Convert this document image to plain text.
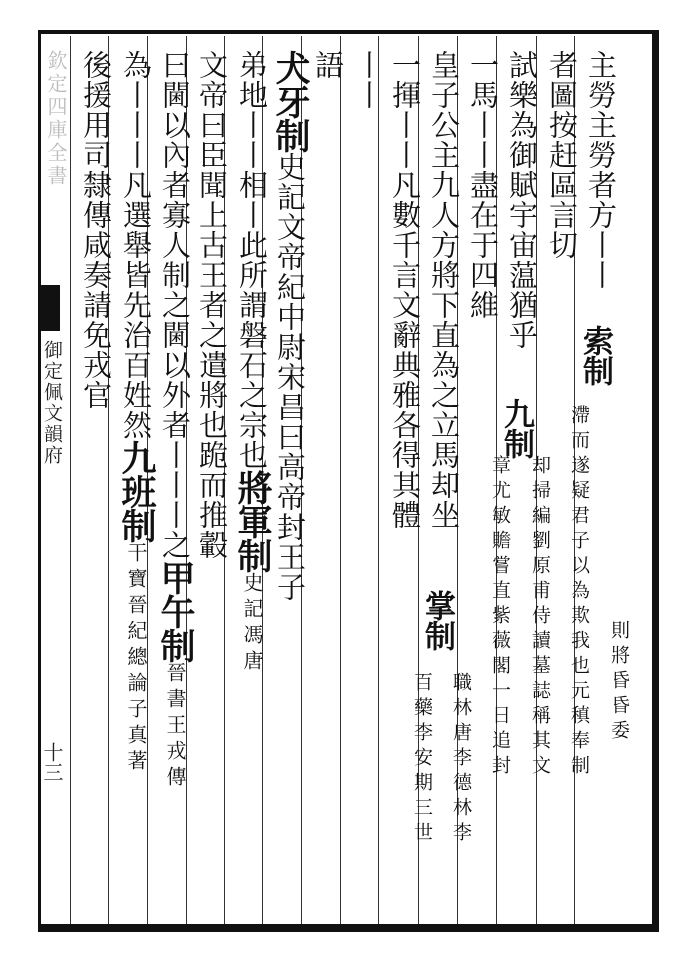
欽定四庫全書
御定佩文韻府
十三
主勞主勞者方丨丨
者圖按赶區言切
試樂為御賦宇宙蕰猶乎
一馬丨丨盡在于四維
皇子公主九人方將下直為之立馬却坐
一揮丨丨凡數千言文辭典雅各得其體
丨丨
語
犬牙制史記文帝紀中尉宋昌曰高帝封王子
弟地丨丨相丨此所謂磐石之宗也將軍制史記馮唐
文帝曰臣聞上古王者之遣將也跪而推轂
曰閫以內者寡人制之閫以外者丨丨丨之甲午制晉書王戎傳
為丨丨丨凡選舉皆先治百姓然九班制干寶晉紀總論子真著
後援用司隸傳咸奏請免戎官
則將昏昏委
索制
滯而遂疑君子以為欺我也元稹奉制
九制
却掃編劉原甫侍讀墓誌稱其文
章尤敏贍嘗直紫薇閣一日追封
掌制
職林唐李德林李
百藥李安期三世
